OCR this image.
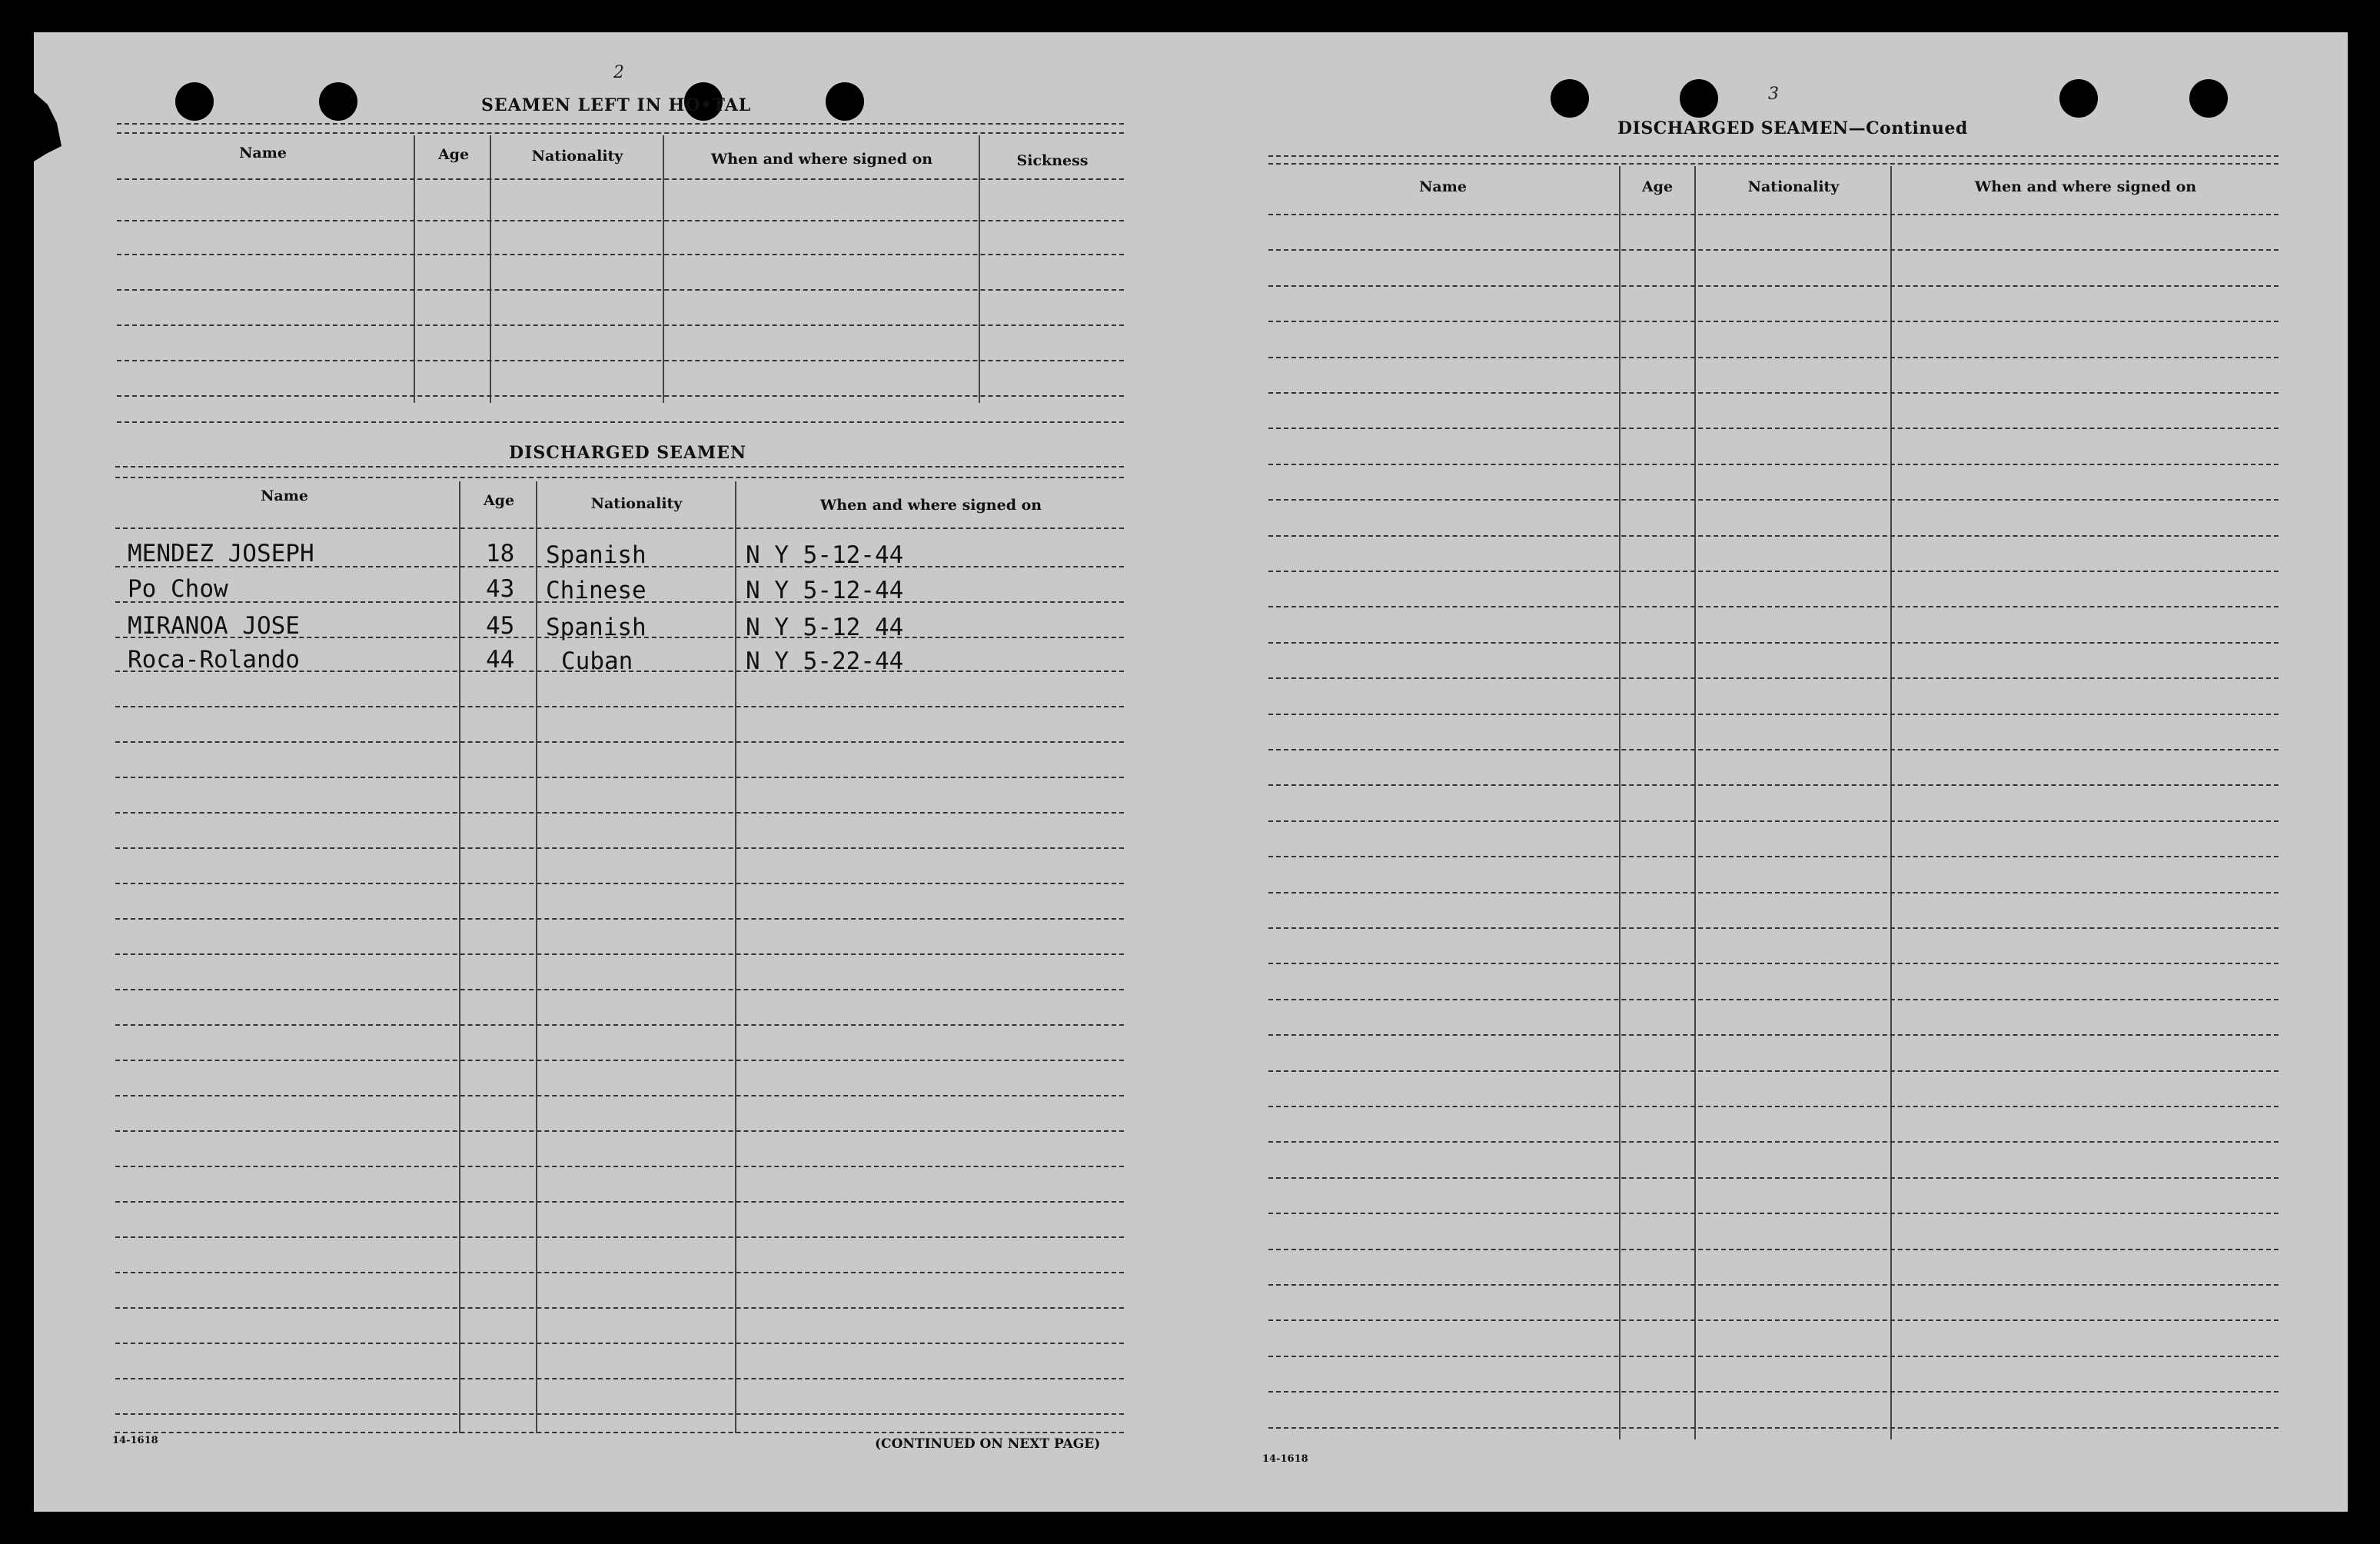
2
SEAMEN LEFT IN HO•TAL
Name	Age	Nationality	When and where signed on	Sickness
DISCHARGED SEAMEN
Name	Age	Nationality	When and where signed on
MENDEZ JOSEPH	18 Spanish	N Y 5-12-44
Po Chow	43 Chinese	N Y 5-12-44
MIRANOA JOSE	45 Spanish	N Y 5-12 44
Roca-Rolando	44 Cuban	N Y 5-22-44
14-1618	(CONTINUED ON NEXT PAGE)
3
DISCHARGED SEAMEN—Continued
Name	Age	Nationality	When and where signed on
14-1618
